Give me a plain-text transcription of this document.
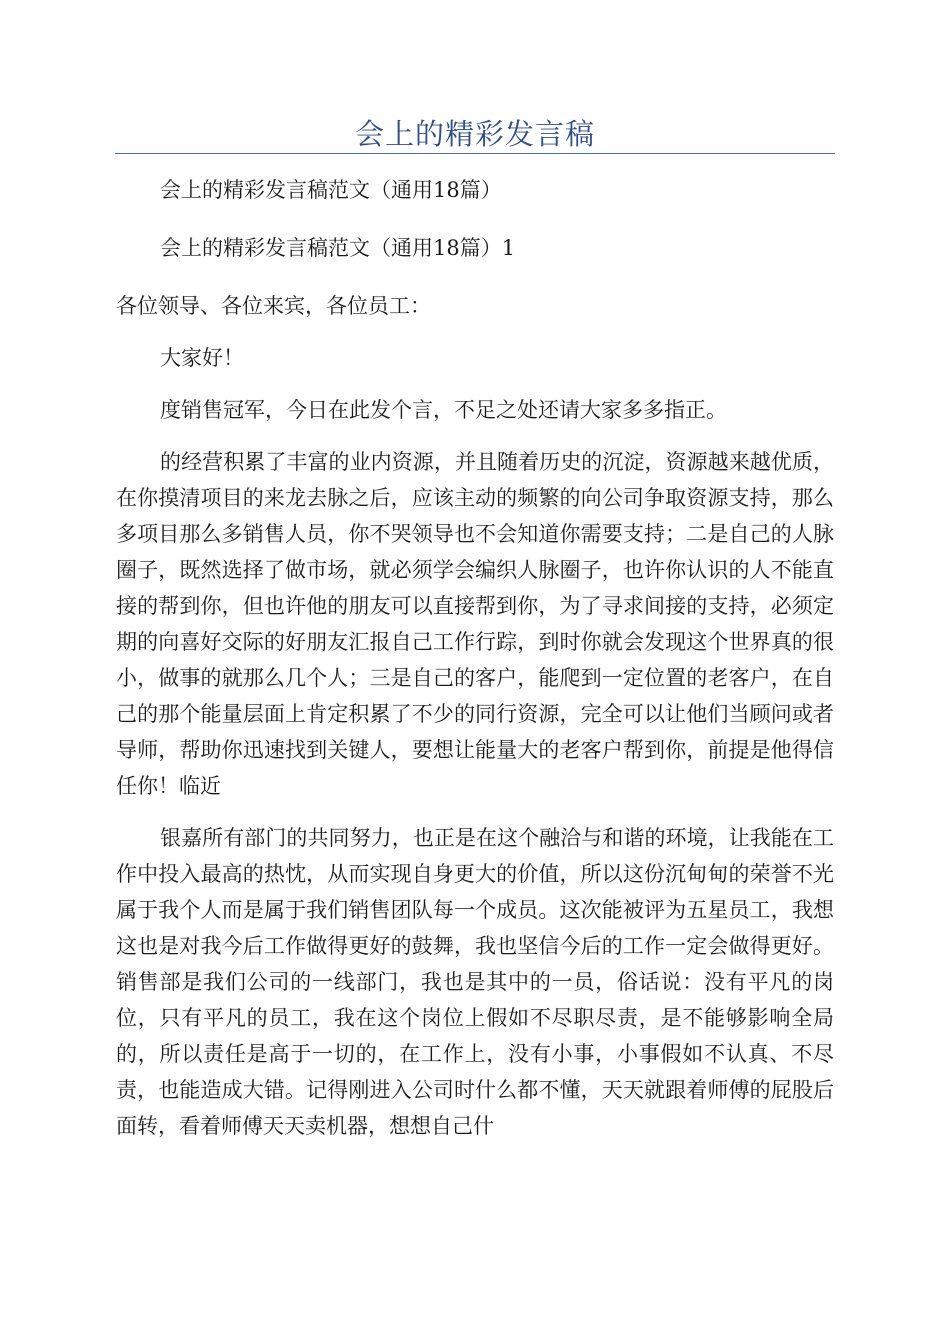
会上的精彩发言稿

会上的精彩发言稿范文（通用18篇）

会上的精彩发言稿范文（通用18篇）1

各位领导、各位来宾，各位员工：

大家好！

度销售冠军，今日在此发个言，不足之处还请大家多多指正。

的经营积累了丰富的业内资源，并且随着历史的沉淀，资源越来越优质，在你摸清项目的来龙去脉之后，应该主动的频繁的向公司争取资源支持，那么多项目那么多销售人员，你不哭领导也不会知道你需要支持；二是自己的人脉圈子，既然选择了做市场，就必须学会编织人脉圈子，也许你认识的人不能直接的帮到你，但也许他的朋友可以直接帮到你，为了寻求间接的支持，必须定期的向喜好交际的好朋友汇报自己工作行踪，到时你就会发现这个世界真的很小，做事的就那么几个人；三是自己的客户，能爬到一定位置的老客户，在自己的那个能量层面上肯定积累了不少的同行资源，完全可以让他们当顾问或者导师，帮助你迅速找到关键人，要想让能量大的老客户帮到你，前提是他得信任你！临近

银嘉所有部门的共同努力，也正是在这个融洽与和谐的环境，让我能在工作中投入最高的热忱，从而实现自身更大的价值，所以这份沉甸甸的荣誉不光属于我个人而是属于我们销售团队每一个成员。这次能被评为五星员工，我想这也是对我今后工作做得更好的鼓舞，我也坚信今后的工作一定会做得更好。销售部是我们公司的一线部门，我也是其中的一员，俗话说：没有平凡的岗位，只有平凡的员工，我在这个岗位上假如不尽职尽责，是不能够影响全局的，所以责任是高于一切的，在工作上，没有小事，小事假如不认真、不尽责，也能造成大错。记得刚进入公司时什么都不懂，天天就跟着师傅的屁股后面转，看着师傅天天卖机器，想想自己什
